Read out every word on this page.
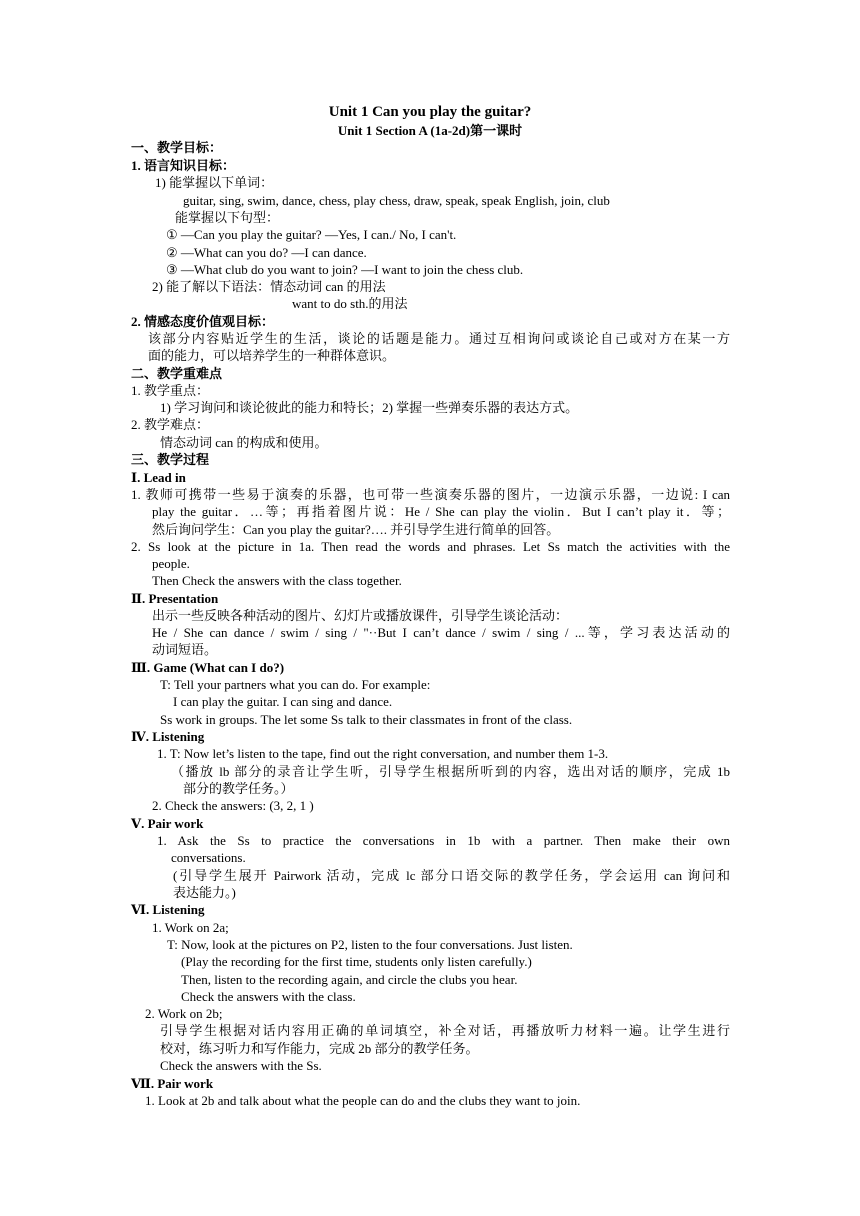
Unit 1 Can you play the guitar?
Unit 1 Section A (1a-2d)第一课时
一、教学目标：
1. 语言知识目标：
1) 能掌握以下单词：
guitar, sing, swim, dance, chess, play chess, draw, speak, speak English, join, club
能掌握以下句型：
① —Can you play the guitar? —Yes, I can./ No, I can't.
② —What can you do? —I can dance.
③ —What club do you want to join? —I want to join the chess club.
2) 能了解以下语法：情态动词 can 的用法
want to do sth.的用法
2. 情感态度价值观目标：
该部分内容贴近学生的生活，谈论的话题是能力。通过互相询问或谈论自己或对方在某一方
面的能力，可以培养学生的一种群体意识。
二、教学重难点
1. 教学重点：
1) 学习询问和谈论彼此的能力和特长；2) 掌握一些弹奏乐器的表达方式。
2. 教学难点：
情态动词 can 的构成和使用。
三、教学过程
Ⅰ. Lead in
1. 教师可携带一些易于演奏的乐器，也可带一些演奏乐器的图片，一边演示乐器，一边说: I can
play the guitar．…等；再指着图片说：He / She can play the violin．But I can’t play it．等；
然后询问学生：Can you play the guitar?…. 并引导学生进行简单的回答。
2. Ss look at the picture in 1a. Then read the words and phrases. Let Ss match the activities with the
people.
Then Check the answers with the class together.
Ⅱ. Presentation
出示一些反映各种活动的图片、幻灯片或播放课件，引导学生谈论活动：
He / She can dance / swim / sing / "··But I can’t dance / swim / sing / ...等，学习表达活动的
动词短语。
Ⅲ. Game (What can I do?)
T: Tell your partners what you can do. For example:
I can play the guitar. I can sing and dance.
Ss work in groups. The let some Ss talk to their classmates in front of the class.
Ⅳ. Listening
1. T: Now let’s listen to the tape, find out the right conversation, and number them 1-3.
（播放 lb 部分的录音让学生听，引导学生根据所听到的内容，选出对话的顺序，完成 1b
部分的教学任务。）
2. Check the answers: (3, 2, 1 )
Ⅴ. Pair work
1. Ask the Ss to practice the conversations in 1b with a partner. Then make their own
conversations.
(引导学生展开 Pairwork 活动，完成 lc 部分口语交际的教学任务，学会运用 can 询问和
表达能力。)
Ⅵ. Listening
1. Work on 2a;
T: Now, look at the pictures on P2, listen to the four conversations. Just listen.
(Play the recording for the first time, students only listen carefully.)
Then, listen to the recording again, and circle the clubs you hear.
Check the answers with the class.
2. Work on 2b;
引导学生根据对话内容用正确的单词填空，补全对话，再播放听力材料一遍。让学生进行
校对，练习听力和写作能力，完成 2b 部分的教学任务。
Check the answers with the Ss.
Ⅶ. Pair work
1. Look at 2b and talk about what the people can do and the clubs they want to join.
